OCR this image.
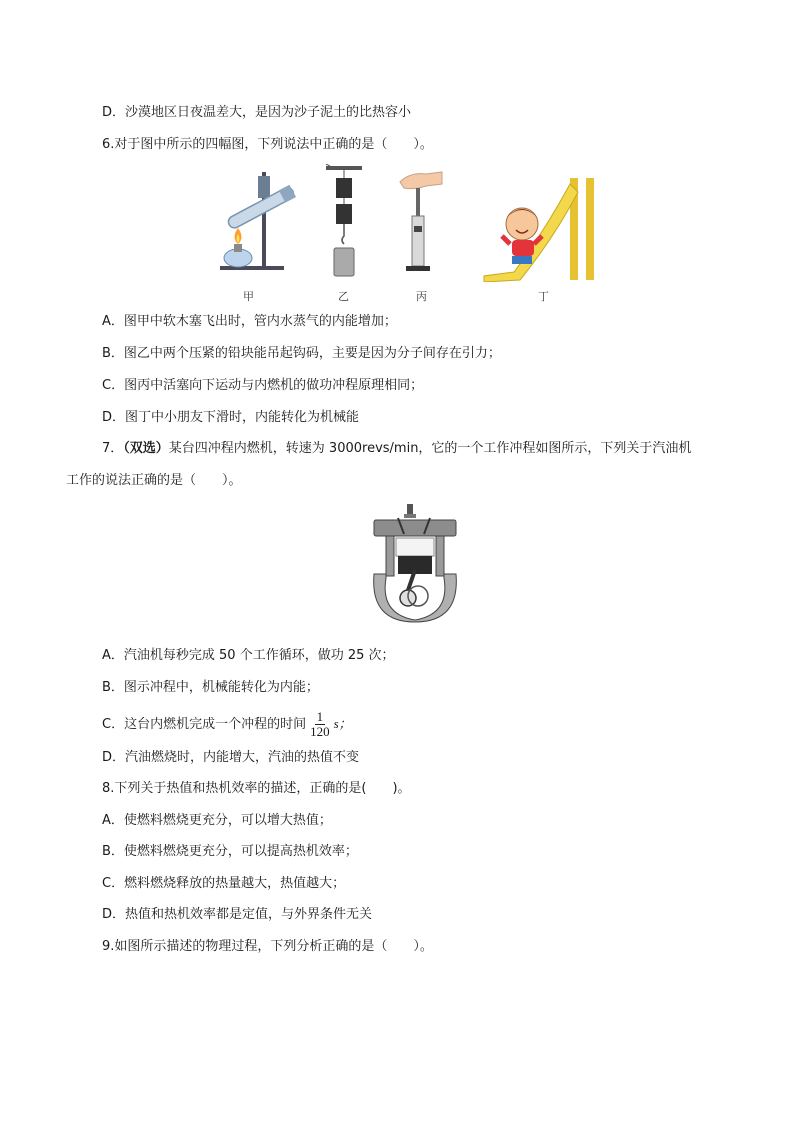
D．沙漠地区日夜温差大，是因为沙子泥土的比热容小
6.对于图中所示的四幅图，下列说法中正确的是（　　）。
甲	乙	丙	丁
A．图甲中软木塞飞出时，管内水蒸气的内能增加；
B．图乙中两个压紧的铅块能吊起钩码，主要是因为分子间存在引力；
C．图丙中活塞向下运动与内燃机的做功冲程原理相同；
D．图丁中小朋友下滑时，内能转化为机械能
7．（双选）某台四冲程内燃机，转速为 3000revs/min，它的一个工作冲程如图所示，下列关于汽油机
工作的说法正确的是（　　）。
A．汽油机每秒完成 50 个工作循环，做功 25 次；
B．图示冲程中，机械能转化为内能；
C．这台内燃机完成一个冲程的时间 $\frac{1}{120}$ s；
D．汽油燃烧时，内能增大，汽油的热值不变
8.下列关于热值和热机效率的描述，正确的是(　　)。
A．使燃料燃烧更充分，可以增大热值；
B．使燃料燃烧更充分，可以提高热机效率；
C．燃料燃烧释放的热量越大，热值越大；
D．热值和热机效率都是定值，与外界条件无关
9.如图所示描述的物理过程，下列分析正确的是（　　）。
